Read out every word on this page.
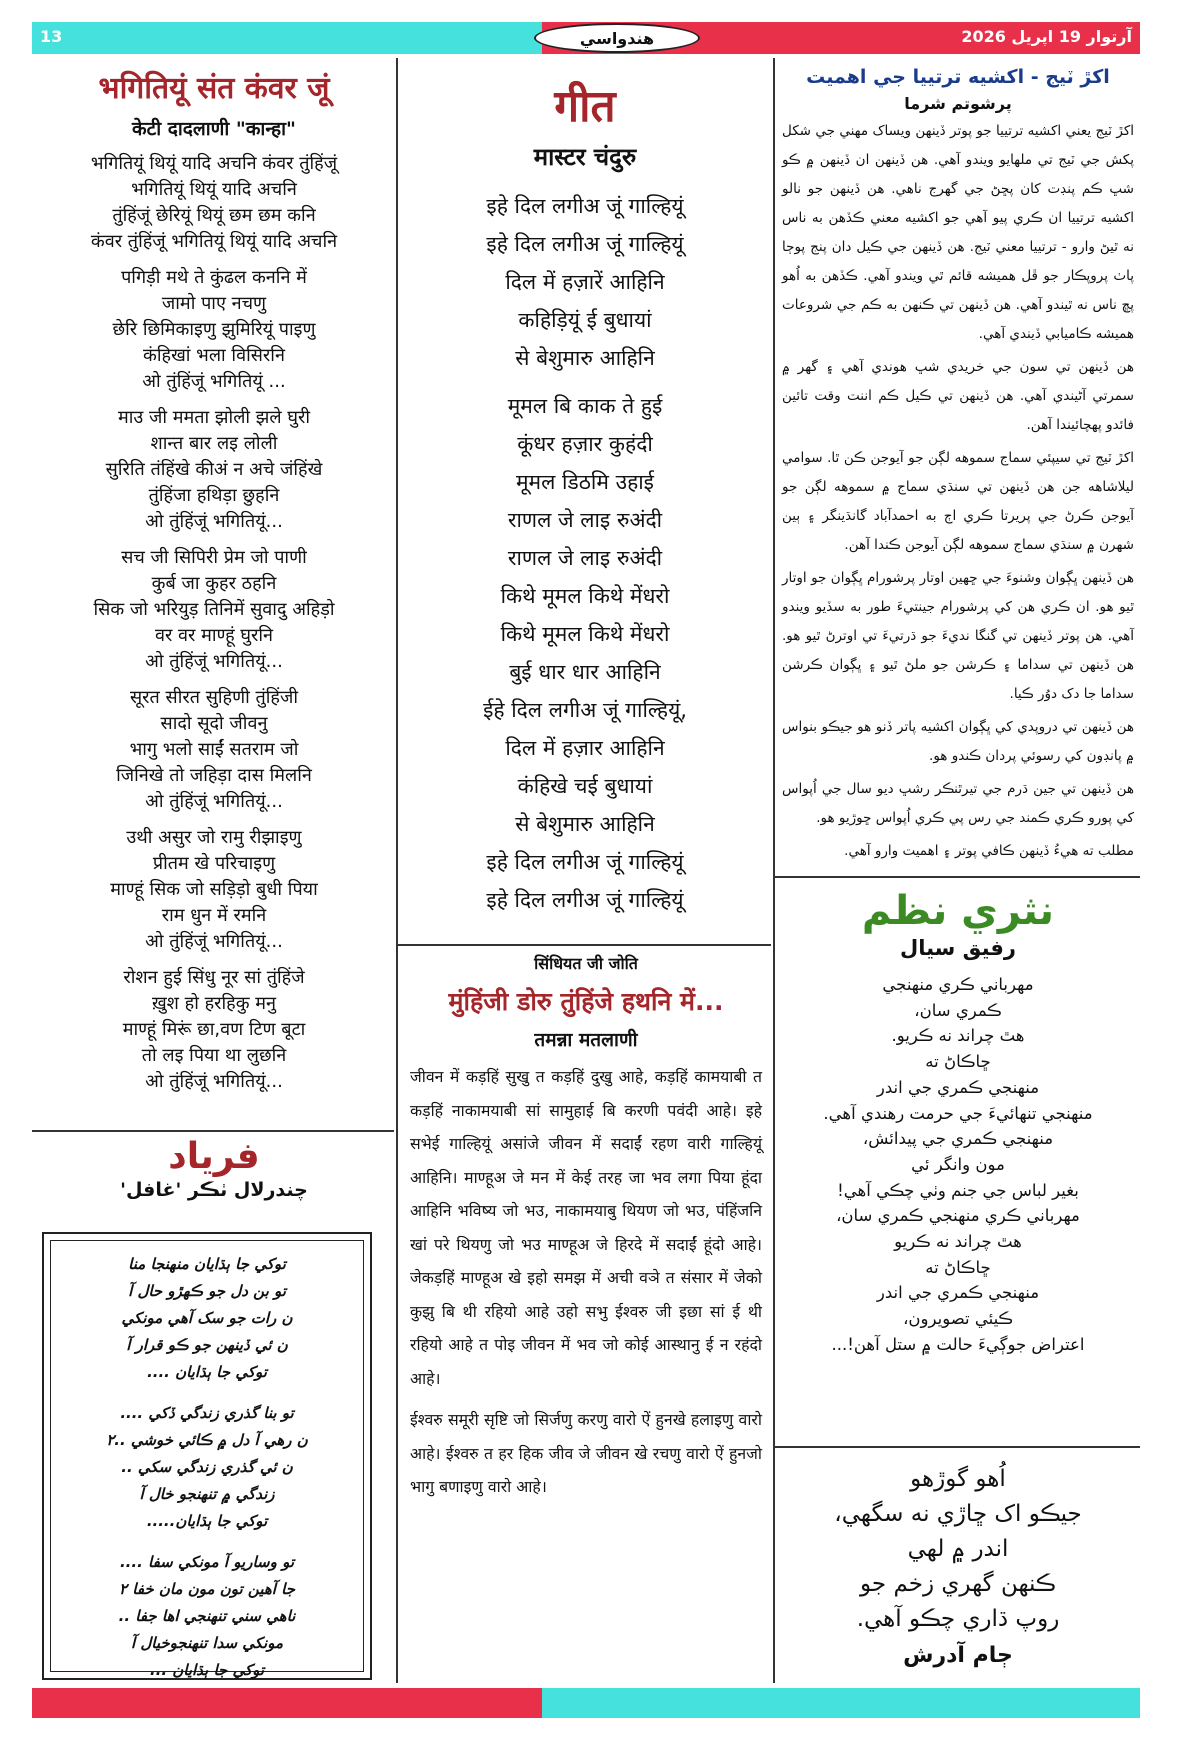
13	آرتوار 19 اپريل 2026
هندواسي
भगितियूं संत कंवर जूं
केटी दादलाणी "कान्हा"
भगितियूं थियूं यादि अचनि कंवर तुंहिंजूं
भगितियूं थियूं यादि अचनि
तुंहिंजूं छेरियूं थियूं छम छम कनि
कंवर तुंहिंजूं भगितियूं थियूं यादि अचनि
पगिड़ी मथे ते कुंढल कननि में
जामो पाए नचणु
छेरि छिमिकाइणु झुमिरियूं पाइणु
कंहिखां भला विसिरनि
ओ तुंहिंजूं भगितियूं ...
माउ जी ममता झोली झले घुरी
शान्त बार लइ लोली
सुरिति तंहिंखे कीअं न अचे जंहिंखे
तुंहिंजा हथिड़ा छुहनि
ओ तुंहिंजूं भगितियूं...
सच जी सिपिरी प्रेम जो पाणी
कुर्ब जा कुहर ठहनि
सिक जो भरियुड़ तिनिमें सुवादु अहिड़ो
वर वर माण्हूं घुरनि
ओ तुंहिंजूं भगितियूं...
सूरत सीरत सुहिणी तुंहिंजी
सादो सूदो जीवनु
भागु भलो साईं सतराम जो
जिनिखे तो जहिड़ा दास मिलनि
ओ तुंहिंजूं भगितियूं...
उथी असुर जो रामु रीझाइणु
प्रीतम खे परिचाइणु
माण्हूं सिक जो सड़िड़ो बुधी पिया
राम धुन में रमनि
ओ तुंहिंजूं भगितियूं...
रोशन हुई सिंधु नूर सां तुंहिंजे
ख़ुश हो हरहिकु मनु
माण्हूं मिरूं छा,वण टिण बूटा
तो लइ पिया था लुछनि
ओ तुंहिंजूं भगितियूं...
فرياد
چندرلال ٺڪر 'غافل'
توکي جا ٻڌايان منهنجا منا
تو بن دل جو ڪهڙو حال آ
ن رات جو سک آهي مونکي
ن ئي ڏينهن جو ڪو قرار آ
توکي جا ٻڌايان ....
تو بنا گذري زندگي ڏکي ....
ن رهي آ دل ۾ ڪائي خوشي ..٢
ن ئي گذري زندگي سکي ..
زندگي ۾ تنهنجو خال آ
توکي جا ٻڌايان.....
تو وساريو آ مونکي سفا ....
جا آهين تون مون مان خفا ٢
ناهي سني تنهنجي اها جفا ..
مونکي سدا تنهنجوخيال آ
توکي جا ٻڌايان ...
गीत
मास्टर चंदुरु
इहे दिल लगीअ जूं गाल्हियूं
इहे दिल लगीअ जूं गाल्हियूं
दिल में हज़ारें आहिनि
कहिड़ियूं ई बुधायां
से बेशुमारु आहिनि
मूमल बि काक ते हुई
कूंधर हज़ार कुहंदी
मूमल डिठमि उहाई
राणल जे लाइ रुअंदी
राणल जे लाइ रुअंदी
किथे मूमल किथे मेंधरो
किथे मूमल किथे मेंधरो
बुई धार धार आहिनि
ईहे दिल लगीअ जूं गाल्हियूं,
दिल में हज़ार आहिनि
कंहिखे चई बुधायां
से बेशुमारु आहिनि
इहे दिल लगीअ जूं गाल्हियूं
इहे दिल लगीअ जूं गाल्हियूं
सिंधियत जी जोति
मुंहिंजी डोरु तुंहिंजे हथनि में...
तमन्ना मतलाणी
जीवन में कड़हिं सुखु त कड़हिं दुखु आहे, कड़हिं कामयाबी त कड़हिं नाकामयाबी सां सामुहाई बि करणी पवंदी आहे। इहे सभेई गाल्हियूं असांजे जीवन में सदाईं रहण वारी गाल्हियूं आहिनि। माण्हूअ जे मन में केई तरह जा भव लगा पिया हूंदा आहिनि भविष्य जो भउ, नाकामयाबु थियण जो भउ, पंहिंजनि खां परे थियणु जो भउ माण्हूअ जे हिरदे में सदाईं हूंदो आहे। जेकड़हिं माण्हूअ खे इहो समझ में अची वञे त संसार में जेको कुझु बि थी रहियो आहे उहो सभु ईश्वरु जी इछा सां ई थी रहियो आहे त पोइ जीवन में भव जो कोई आस्थानु ई न रहंदो आहे।
ईश्वरु समूरी सृष्टि जो सिर्जणु करणु वारो ऐं हुनखे हलाइणु वारो आहे। ईश्वरु त हर हिक जीव जे जीवन खे रचणु वारो ऐं हुनजो भागु बणाइणु वारो आहे।
اکڙ ٽيج - اکشيه ترتييا جي اهميت
پرشوتم شرما
اکڙ ٽيج يعني اکشيه ترتييا جو پوتر ڏينهن ويساک مهني جي شکل پکش جي ٽيج تي ملهايو ويندو آهي. هن ڏينهن ان ڏينهن ۾ ڪو شڀ ڪم پنڊت کان پڇڻ جي گهرج ناهي. هن ڏينهن جو نالو اکشيه ترتييا ان ڪري پيو آهي جو اکشيه معني ڪڏهن به ناس نه ٿيڻ وارو - ترتييا معني ٽيج. هن ڏينهن جي ڪيل دان پنج پوڄا پاٺ پروپڪار جو ڦل هميشه قائم ٿي ويندو آهي. ڪڏهن به اُهو پڇ ناس نه ٿيندو آهي. هن ڏينهن تي ڪنهن به ڪم جي شروعات هميشه ڪاميابي ڏيندي آهي.
هن ڏينهن تي سون جي خريدي شڀ هوندي آهي ۽ گهر ۾ سمرتي آڻيندي آهي. هن ڏينهن تي ڪيل ڪم اننت وقت تائين فائدو پهچائيندا آهن.
اکڙ ٽيج تي سيپئي سماج سموهه لڳن جو آيوجن ڪن ٿا. سوامي ليلاشاهه جن هن ڏينهن تي سنڌي سماج ۾ سموهه لڳن جو آيوجن ڪرڻ جي پريرتا ڪري اڄ به احمدآباد گانڌينگر ۽ ٻين شهرن ۾ سنڌي سماج سموهه لڳن آيوجن ڪندا آهن.
هن ڏينهن ڀڳوان وشنوءَ جي ڇهين اوتار پرشورام ڀڳوان جو اوتار ٿيو هو. ان ڪري هن کي پرشورام جينتيءَ طور به سڏيو ويندو آهي. هن پوتر ڏينهن تي گنگا نديءَ جو ڌرتيءَ تي اوترڻ ٿيو هو. هن ڏينهن تي سداما ۽ ڪرشن جو ملڻ ٿيو ۽ ڀڳوان ڪرشن سداما جا دک دوُر ڪيا.
هن ڏينهن تي دروپدي کي ڀڳوان اکشيه پاتر ڏنو هو جيڪو بنواس ۾ پانڊون کي رسوئي پردان ڪندو هو.
هن ڏينهن تي جين ڌرم جي تيرٿنڪر رشڀ ديو سال جي اُپواس کي پورو ڪري ڪمند جي رس پي ڪري اُپواس ڇوڙيو هو.
مطلب ته هيءُ ڏينهن ڪافي پوتر ۽ اهميت وارو آهي.
نثري نظم
رفيق سيال
مهرباني ڪري منهنجي
ڪمري سان،
هٿ چراند نه ڪريو.
ڇاڪاڻ ته
منهنجي ڪمري جي اندر
منهنجي تنهائيءَ جي حرمت رهندي آهي.
منهنجي ڪمري جي پيدائش،
مون وانگر ئي
بغير لباس جي جنم وٺي چڪي آهي!
مهرباني ڪري منهنجي ڪمري سان،
هٿ چراند نه ڪريو
ڇاڪاڻ ته
منهنجي ڪمري جي اندر
ڪيئي تصويرون،
اعتراض جوڳيءَ حالت ۾ ستل آهن!...
اُهو گوڙهو
جيڪو اک ڇاڙي نه سگهي،
اندر ۾ لهي
ڪنهن گهري زخم جو
روپ ڌاري چڪو آهي.
ڄام آدرش
